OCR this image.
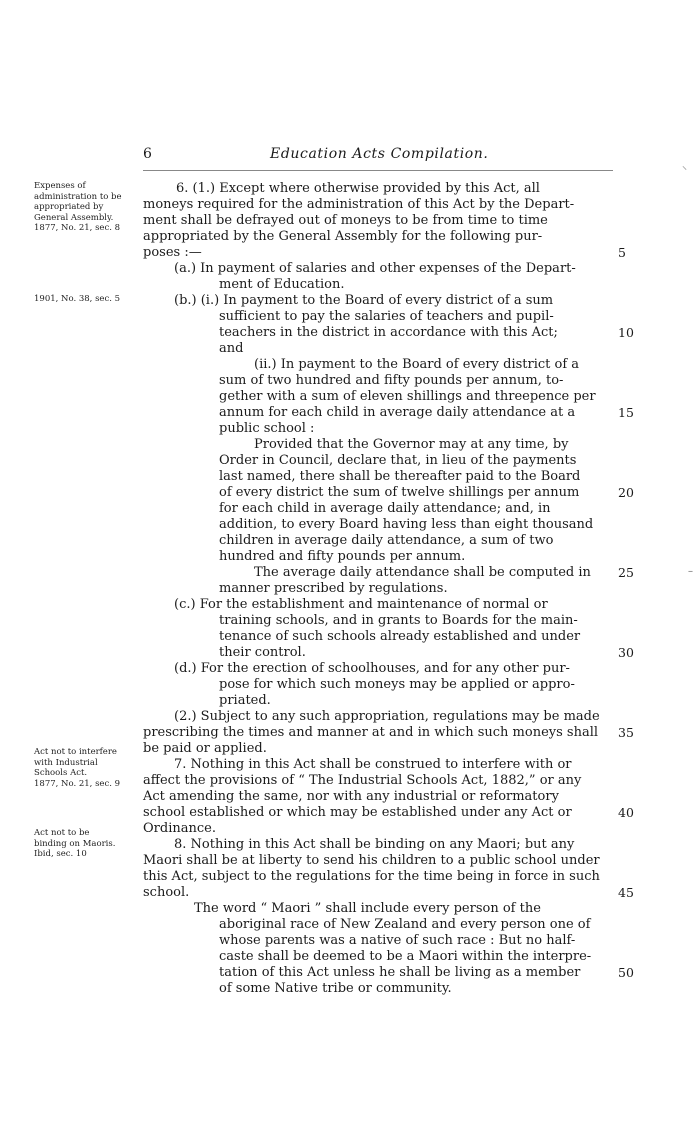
6	Education Acts Compilation.
Expenses of
administration to be
appropriated by
General Assembly.
1877, No. 21, sec. 8
1901, No. 38, sec. 5
Act not to interfere
with Industrial
Schools Act.
1877, No. 21, sec. 9
Act not to be
binding on Maoris.
Ibid, sec. 10
6. (1.) Except where otherwise provided by this Act, all
moneys required for the administration of this Act by the Depart-
ment shall be defrayed out of moneys to be from time to time
appropriated by the General Assembly for the following pur-
poses :—
(a.) In payment of salaries and other expenses of the Depart-
ment of Education.
(b.) (i.) In payment to the Board of every district of a sum
sufficient to pay the salaries of teachers and pupil-
teachers in the district in accordance with this Act;
and
(ii.) In payment to the Board of every district of a
sum of two hundred and fifty pounds per annum, to-
gether with a sum of eleven shillings and threepence per
annum for each child in average daily attendance at a
public school :
Provided that the Governor may at any time, by
Order in Council, declare that, in lieu of the payments
last named, there shall be thereafter paid to the Board
of every district the sum of twelve shillings per annum
for each child in average daily attendance; and, in
addition, to every Board having less than eight thousand
children in average daily attendance, a sum of two
hundred and fifty pounds per annum.
The average daily attendance shall be computed in
manner prescribed by regulations.
(c.) For the establishment and maintenance of normal or
training schools, and in grants to Boards for the main-
tenance of such schools already established and under
their control.
(d.) For the erection of schoolhouses, and for any other pur-
pose for which such moneys may be applied or appro-
priated.
(2.) Subject to any such appropriation, regulations may be made
prescribing the times and manner at and in which such moneys shall
be paid or applied.
7. Nothing in this Act shall be construed to interfere with or
affect the provisions of “ The Industrial Schools Act, 1882,” or any
Act amending the same, nor with any industrial or reformatory
school established or which may be established under any Act or
Ordinance.
8. Nothing in this Act shall be binding on any Maori; but any
Maori shall be at liberty to send his children to a public school under
this Act, subject to the regulations for the time being in force in such
school.
The word “ Maori ” shall include every person of the
aboriginal race of New Zealand and every person one of
whose parents was a native of such race : But no half-
caste shall be deemed to be a Maori within the interpre-
tation of this Act unless he shall be living as a member
of some Native tribe or community.
5
10
15
20
25
30
35
40
45
50
⸜
–
